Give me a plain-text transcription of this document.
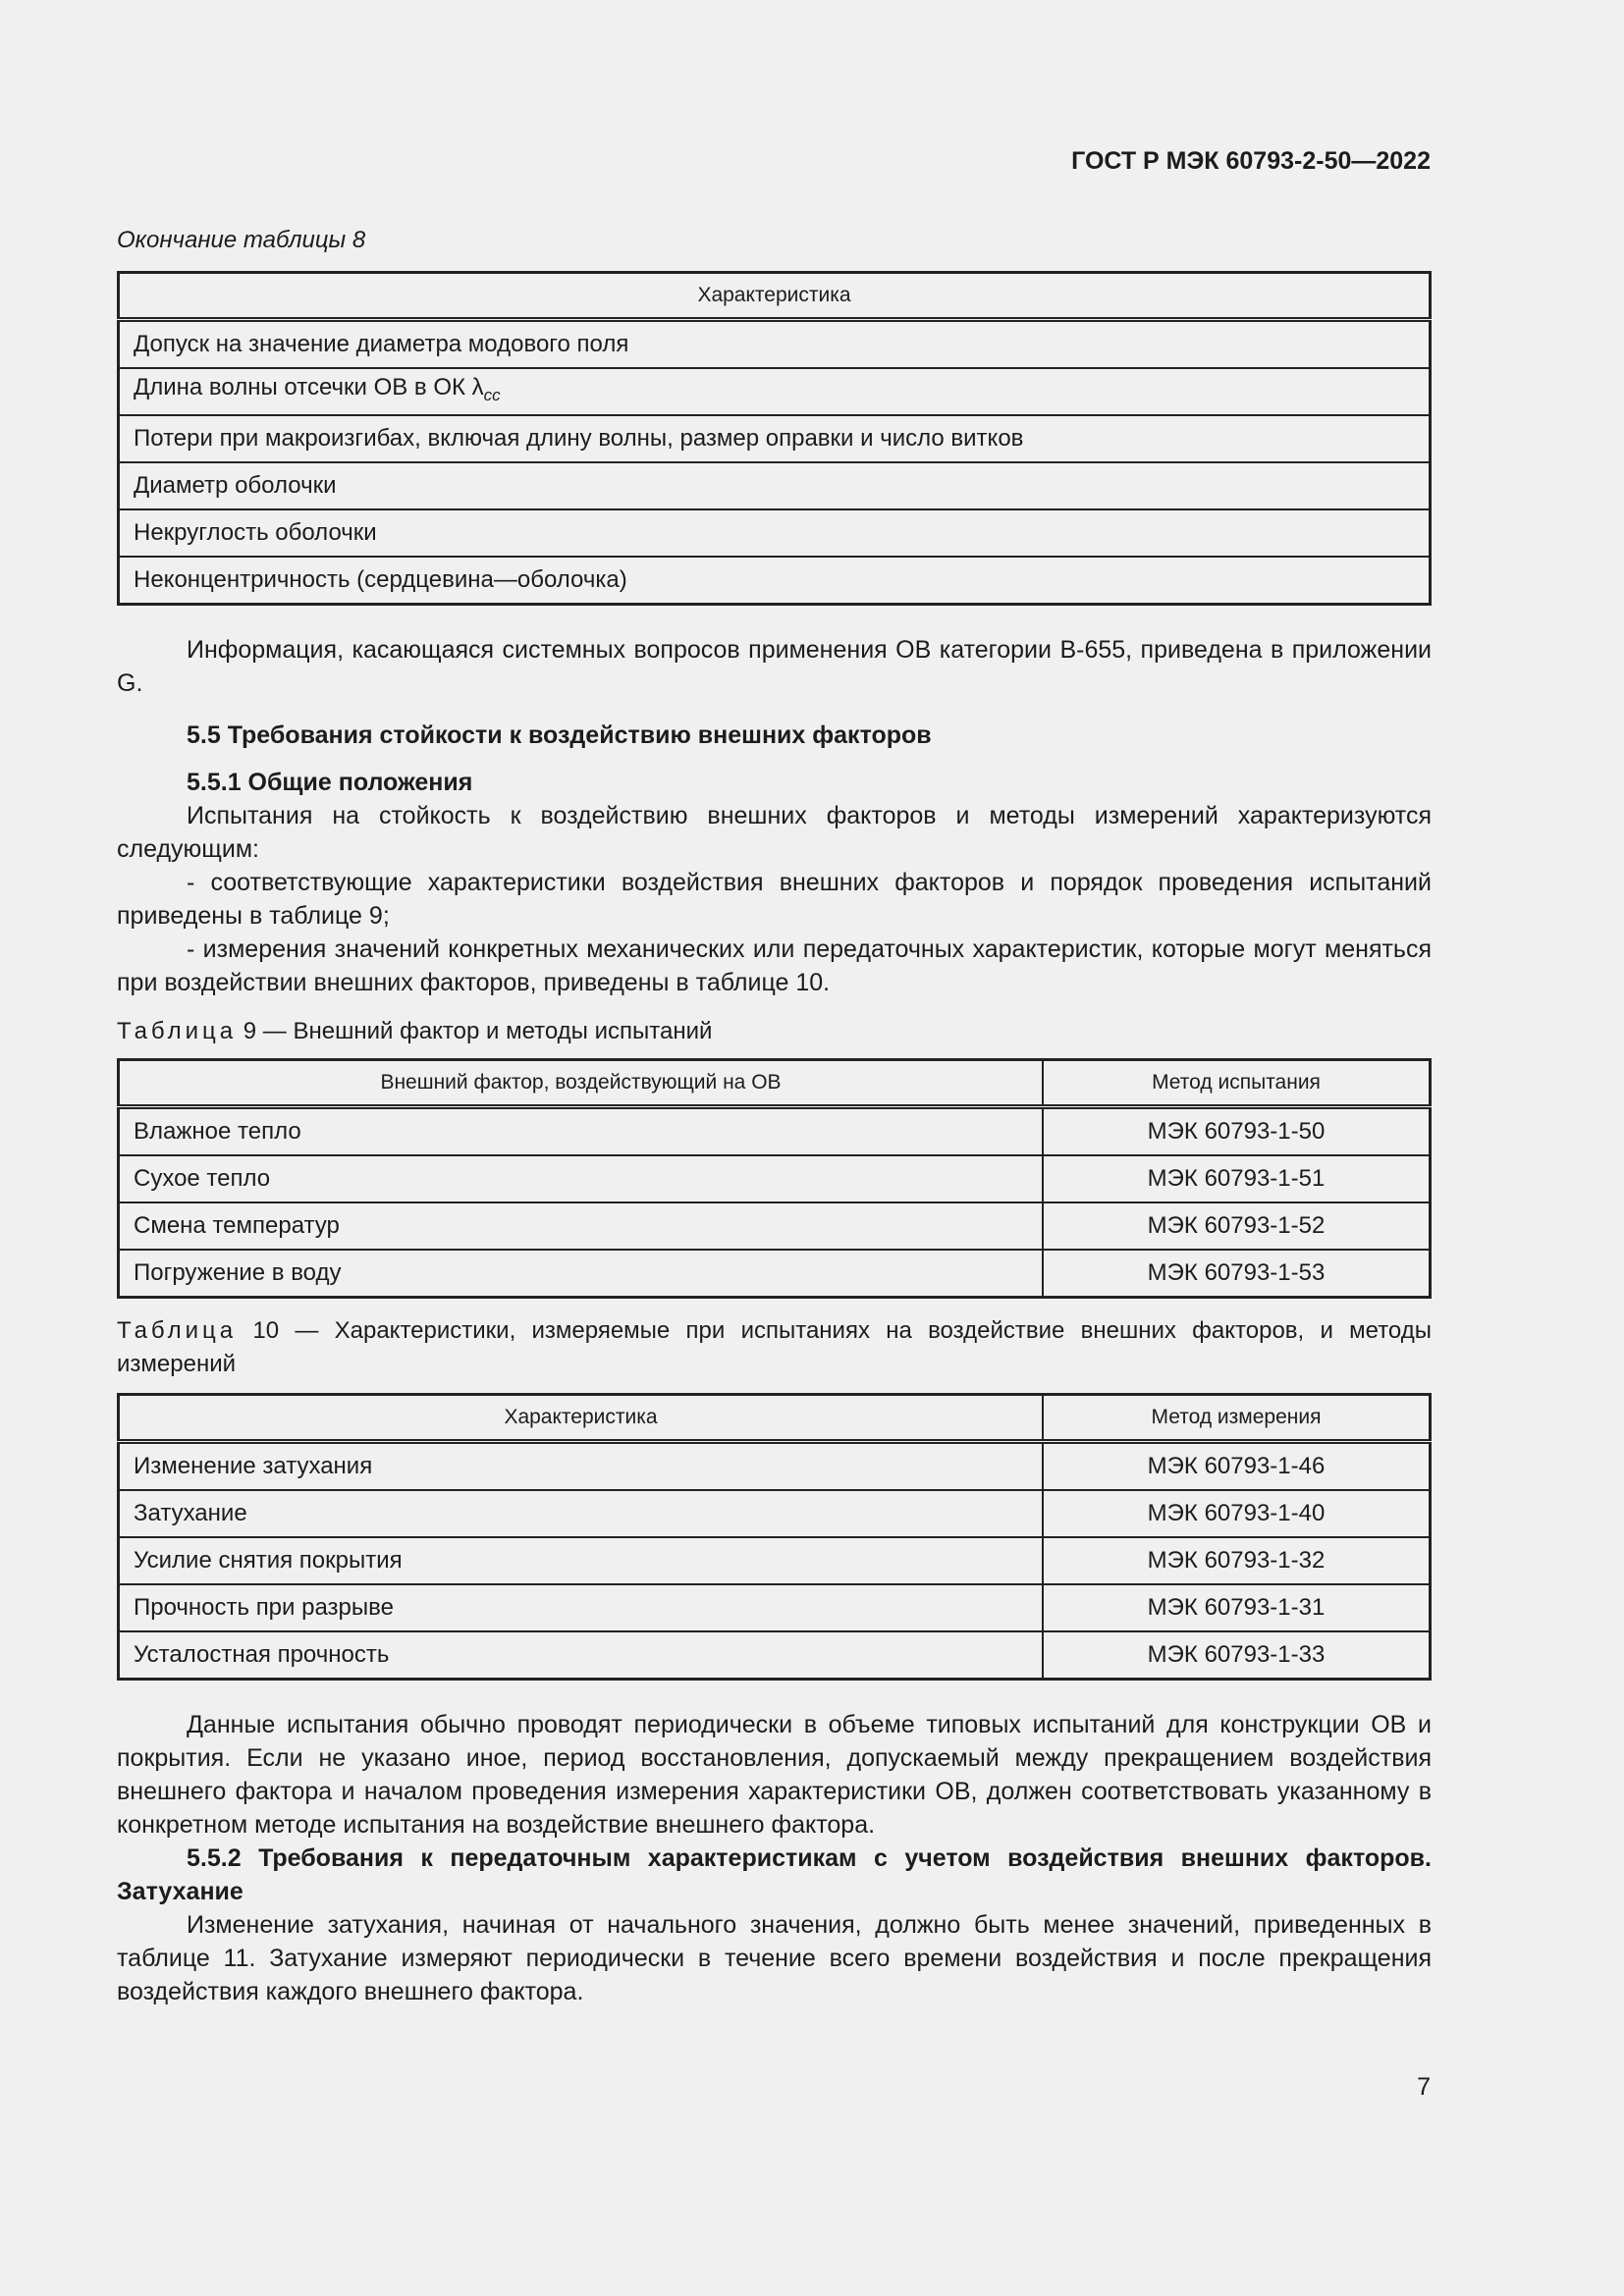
ГОСТ Р МЭК 60793-2-50—2022
Окончание таблицы 8
Характеристика
Допуск на значение диаметра модового поля
Длина волны отсечки ОВ в ОК $\lambda_{cc}$
Потери при макроизгибах, включая длину волны, размер оправки и число витков
Диаметр оболочки
Некруглость оболочки
Неконцентричность (сердцевина—оболочка)

Информация, касающаяся системных вопросов применения ОВ категории B-655, приведена в приложении G.

5.5 Требования стойкости к воздействию внешних факторов

5.5.1 Общие положения

Испытания на стойкость к воздействию внешних факторов и методы измерений характеризуются следующим:

- соответствующие характеристики воздействия внешних факторов и порядок проведения испытаний приведены в таблице 9;

- измерения значений конкретных механических или передаточных характеристик, которые могут меняться при воздействии внешних факторов, приведены в таблице 10.

Таблица 9 — Внешний фактор и методы испытаний

Внешний фактор, воздействующий на ОВ	Метод испытания
Влажное тепло	МЭК 60793-1-50
Сухое тепло	МЭК 60793-1-51
Смена температур	МЭК 60793-1-52
Погружение в воду	МЭК 60793-1-53

Таблица 10 — Характеристики, измеряемые при испытаниях на воздействие внешних факторов, и методы измерений

Характеристика	Метод измерения
Изменение затухания	МЭК 60793-1-46
Затухание	МЭК 60793-1-40
Усилие снятия покрытия	МЭК 60793-1-32
Прочность при разрыве	МЭК 60793-1-31
Усталостная прочность	МЭК 60793-1-33

Данные испытания обычно проводят периодически в объеме типовых испытаний для конструкции ОВ и покрытия. Если не указано иное, период восстановления, допускаемый между прекращением воздействия внешнего фактора и началом проведения измерения характеристики ОВ, должен соответствовать указанному в конкретном методе испытания на воздействие внешнего фактора.

5.5.2 Требования к передаточным характеристикам с учетом воздействия внешних факторов. Затухание

Изменение затухания, начиная от начального значения, должно быть менее значений, приведенных в таблице 11. Затухание измеряют периодически в течение всего времени воздействия и после прекращения воздействия каждого внешнего фактора.

7
